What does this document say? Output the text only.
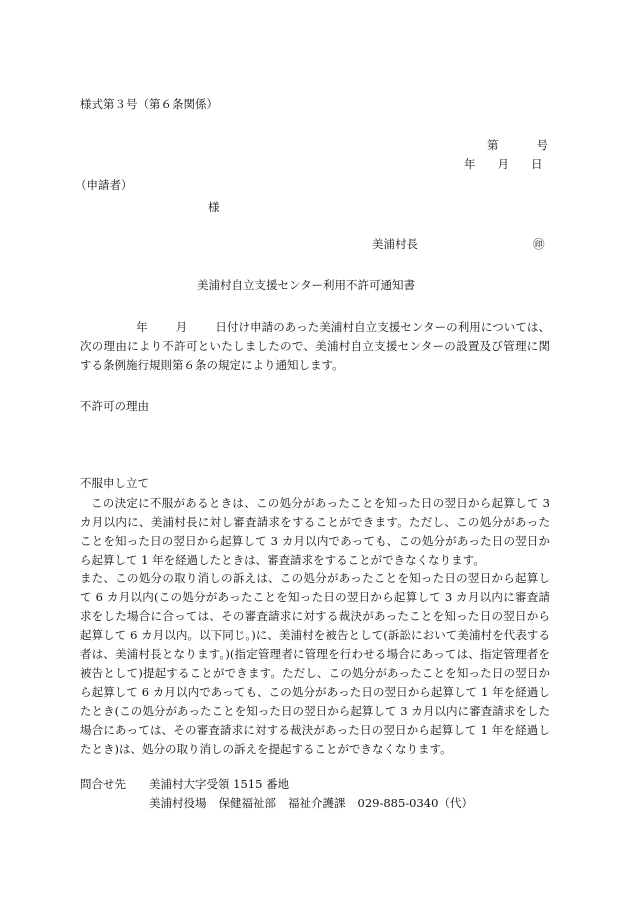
様式第３号（第６条関係）
第	号
年 月 日
（申請者）
様
美浦村長	㊞
美浦村自立支援センター利用不許可通知書
年 月 日付け申請のあった美浦村自立支援センターの利用については、次の理由により不許可といたしましたので、美浦村自立支援センターの設置及び管理に関する条例施行規則第６条の規定により通知します。
不許可の理由
不服申し立て
この決定に不服があるときは、この処分があったことを知った日の翌日から起算して 3 カ月以内に、美浦村長に対し審査請求をすることができます。ただし、この処分があったことを知った日の翌日から起算して 3 カ月以内であっても、この処分があった日の翌日から起算して 1 年を経過したときは、審査請求をすることができなくなります。
また、この処分の取り消しの訴えは、この処分があったことを知った日の翌日から起算して 6 カ月以内(この処分があったことを知った日の翌日から起算して 3 カ月以内に審査請求をした場合に合っては、その審査請求に対する裁決があったことを知った日の翌日から起算して 6 カ月以内。以下同じ。)に、美浦村を被告として(訴訟において美浦村を代表する者は、美浦村長となります。)(指定管理者に管理を行わせる場合にあっては、指定管理者を被告として)提起することができます。ただし、この処分があったことを知った日の翌日から起算して 6 カ月以内であっても、この処分があった日の翌日から起算して 1 年を経過したとき(この処分があったことを知った日の翌日から起算して 3 カ月以内に審査請求をした場合にあっては、その審査請求に対する裁決があった日の翌日から起算して 1 年を経過したとき)は、処分の取り消しの訴えを提起することができなくなります。
問合せ先 美浦村大字受領 1515 番地
美浦村役場 保健福祉部 福祉介護課 029-885-0340（代）
